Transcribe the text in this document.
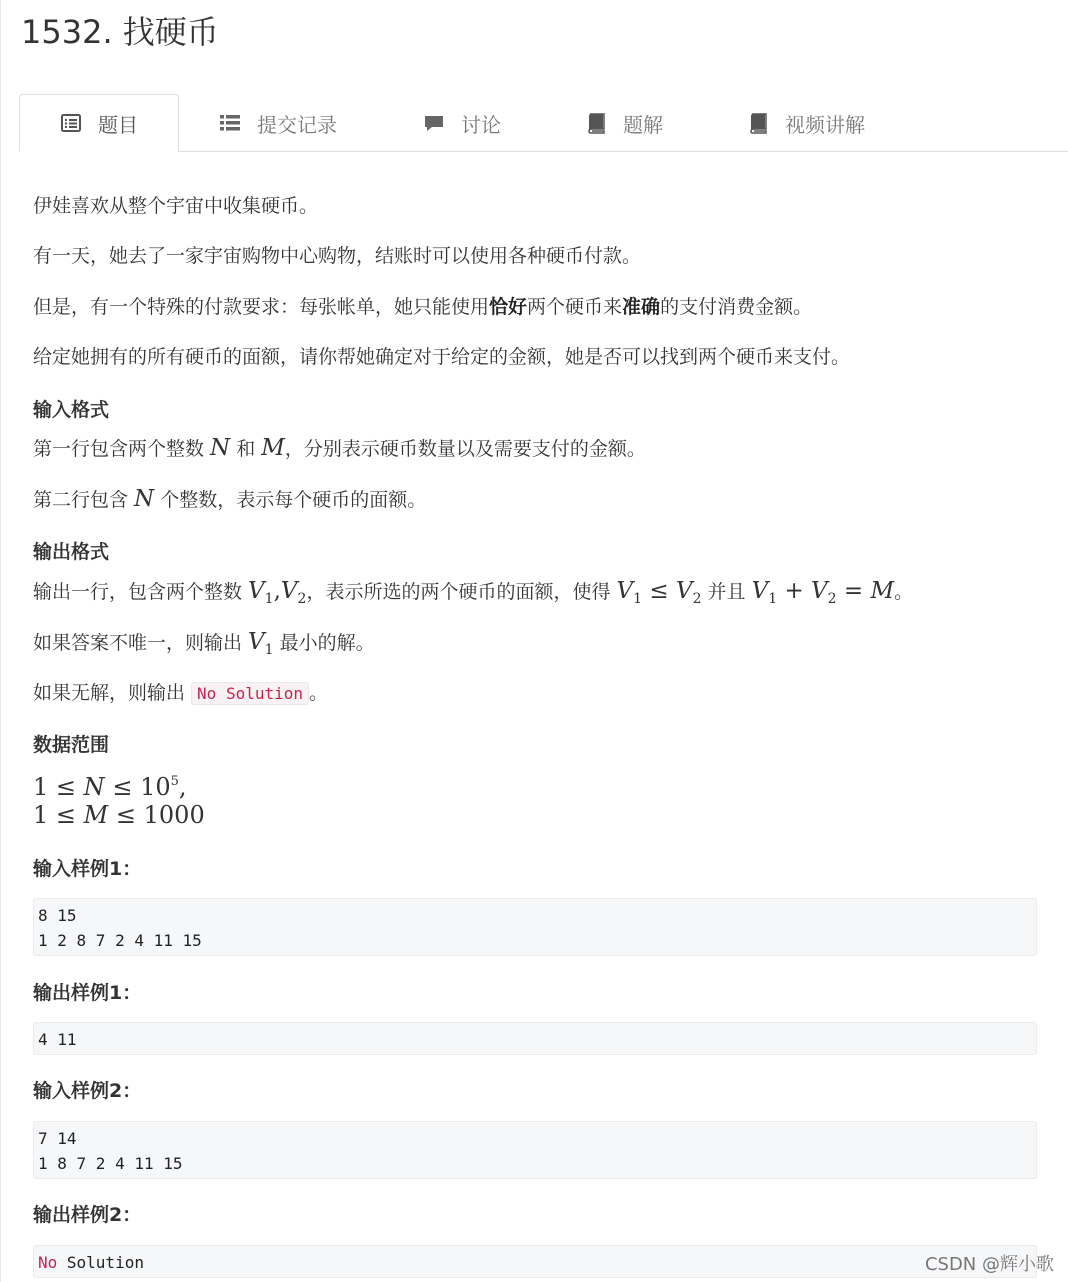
1532. 找硬币
题目	提交记录	讨论	题解	视频讲解

伊娃喜欢从整个宇宙中收集硬币。

有一天，她去了一家宇宙购物中心购物，结账时可以使用各种硬币付款。

但是，有一个特殊的付款要求：每张帐单，她只能使用恰好两个硬币来准确的支付消费金额。

给定她拥有的所有硬币的面额，请你帮她确定对于给定的金额，她是否可以找到两个硬币来支付。

输入格式

第一行包含两个整数 N 和 M，分别表示硬币数量以及需要支付的金额。

第二行包含 N 个整数，表示每个硬币的面额。

输出格式

输出一行，包含两个整数 $V_1,V_2$，表示所选的两个硬币的面额，使得 $V_1 \le V_2$ 并且 $V_1 + V_2 = M$。

如果答案不唯一，则输出 $V_1$ 最小的解。

如果无解，则输出 No Solution 。

数据范围

$1 \le N \le 10^5$,

1 ≤ M ≤ 1000

输入样例1：
8 15
1 2 8 7 2 4 11 15
输出样例1：
4 11
输入样例2：
7 14
1 8 7 2 4 11 15
输出样例2：
No Solution	CSDN @辉小歌
